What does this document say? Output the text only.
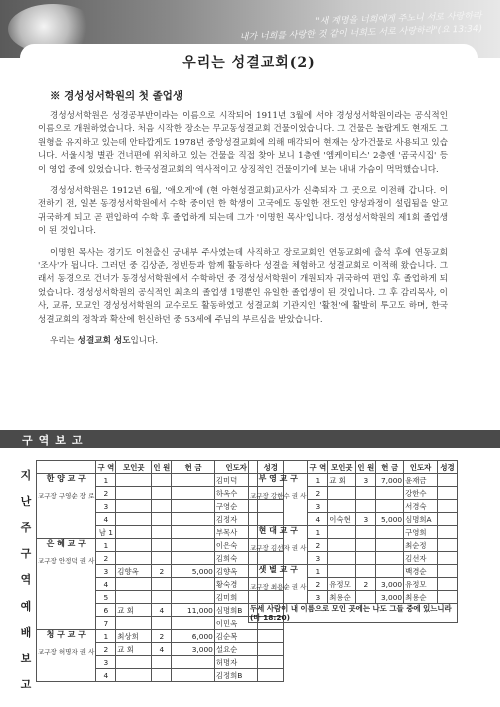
"새 계명을 너희에게 주노니 서로 사랑하라
내가 너희를 사랑한 것 같이 너희도 서로 사랑하라"(요 13:34)
우리는 성결교회(2)
※ 경성성서학원의 첫 졸업생

경성성서학원은 성경공부반이라는 이름으로 시작되어 1911년 3월에 서야 경성성서학원이라는 공식적인 이름으로 개원하였습니다. 처음 시작한 장소는 무교동성결교회 건물이었습니다. 그 건물은 놀랍게도 현재도 그 원형을 유지하고 있는데 안타깝게도 1978년 중앙성결교회에 의해 매각되어 현재는 상가건물로 사용되고 있습니다. 서울시청 별관 건너편에 위치하고 있는 건물을 직접 찾아 보니 1층엔 '엠케이티스' 2층엔 '곰국시집' 등이 영업 중에 있었습니다. 한국성결교회의 역사적이고 상징적인 건물이기에 보는 내내 가슴이 먹먹했습니다.

경성성서학원은 1912년 6월, '애오게'에 (현 아현성결교회)교사가 신축되자 그 곳으로 이전해 갑니다. 이전하기 전, 일본 동경성서학원에서 수학 중이던 한 학생이 고국에도 동일한 전도인 양성과정이 설립됨을 알고 귀국하게 되고 곧 편입하여 수학 후 졸업하게 되는데 그가 '이명헌 목사'입니다. 경성성서학원의 제1회 졸업생이 된 것입니다.

이명헌 목사는 경기도 이천출신 궁내부 주사였는데 사직하고 장로교회인 연동교회에 출석 후에 연동교회 '조사'가 됩니다. 그러던 중 김상준, 정빈등과 함께 활동하다 성결을 체험하고 성결교회로 이적해 왔습니다. 그래서 동경으로 건너가 동경성서학원에서 수학하던 중 경성성서학원이 개원되자 귀국하여 편입 후 졸업하게 되었습니다. 경성성서학원의 공식적인 최초의 졸업생 1명뿐인 유일한 졸업생이 된 것입니다. 그 후 감리목사, 이사, 교류, 모교인 경성성서학원의 교수로도 활동하였고 성결교회 기관지인 '활천'에 활발히 투고도 하며, 한국성결교회의 정착과 확산에 헌신하던 중 53세에 주님의 부르심을 받았습니다.

우리는 성결교회 성도입니다.

구역보고
지
난
주
구
역
예
배
보
고
	구 역	모인곳	인 원	헌 금	인도자	성경

한 양 교 구
교구장 구영순 장 로	1				김미덕	
	2				하옥수	
	3				구영순	
	4				김정자	
	남 1				부목사	

은 혜 교 구
교구장 안정덕 권 사	1				이은숙	
	2				김희숙	
	3	김향옥	2	5,000	김향옥	
	4				황숙경	
	5				김미희	
	6	교 회	4	11,000	심명희B	
	7				이민옥	

청 구 교 구
교구장 허명자 권 사	1	최상희	2	6,000	김순복	
	2	교 회	4	3,000	설요순	
	3				허명자	
	4				김정희B	
	구 역	모인곳	인 원	헌 금	인도자	성경

부 영 교 구
교구장 강한수 권 사	1	교 회	3	7,000	윤재금	
	2				강한수	
	3				서경숙	
	4	이숙현	3	5,000	심명희A	

현 대 교 구
교구장 김선자 권 사	1				구영희	
	2				최순정	
	3				김선자	

샛 별 교 구
교구장 최용순 권 사	1				백경순	
	2	유정모	2	3,000	유정모	
	3	최용순		3,000	최용순	
두세 사람이 내 이름으로 모인 곳에는 나도 그들 중에 있느니라(마 18:20)						
